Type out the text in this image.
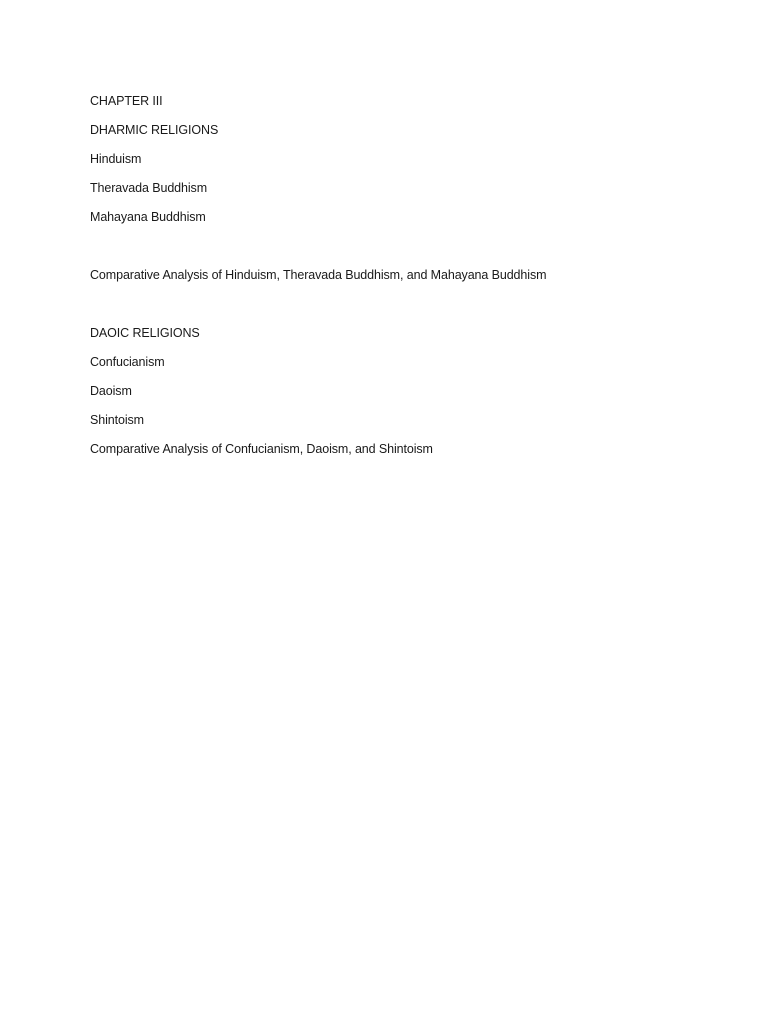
CHAPTER III

DHARMIC RELIGIONS

Hinduism

Theravada Buddhism

Mahayana Buddhism

Comparative Analysis of Hinduism, Theravada Buddhism, and Mahayana Buddhism

DAOIC RELIGIONS

Confucianism

Daoism

Shintoism

Comparative Analysis of Confucianism, Daoism, and Shintoism
